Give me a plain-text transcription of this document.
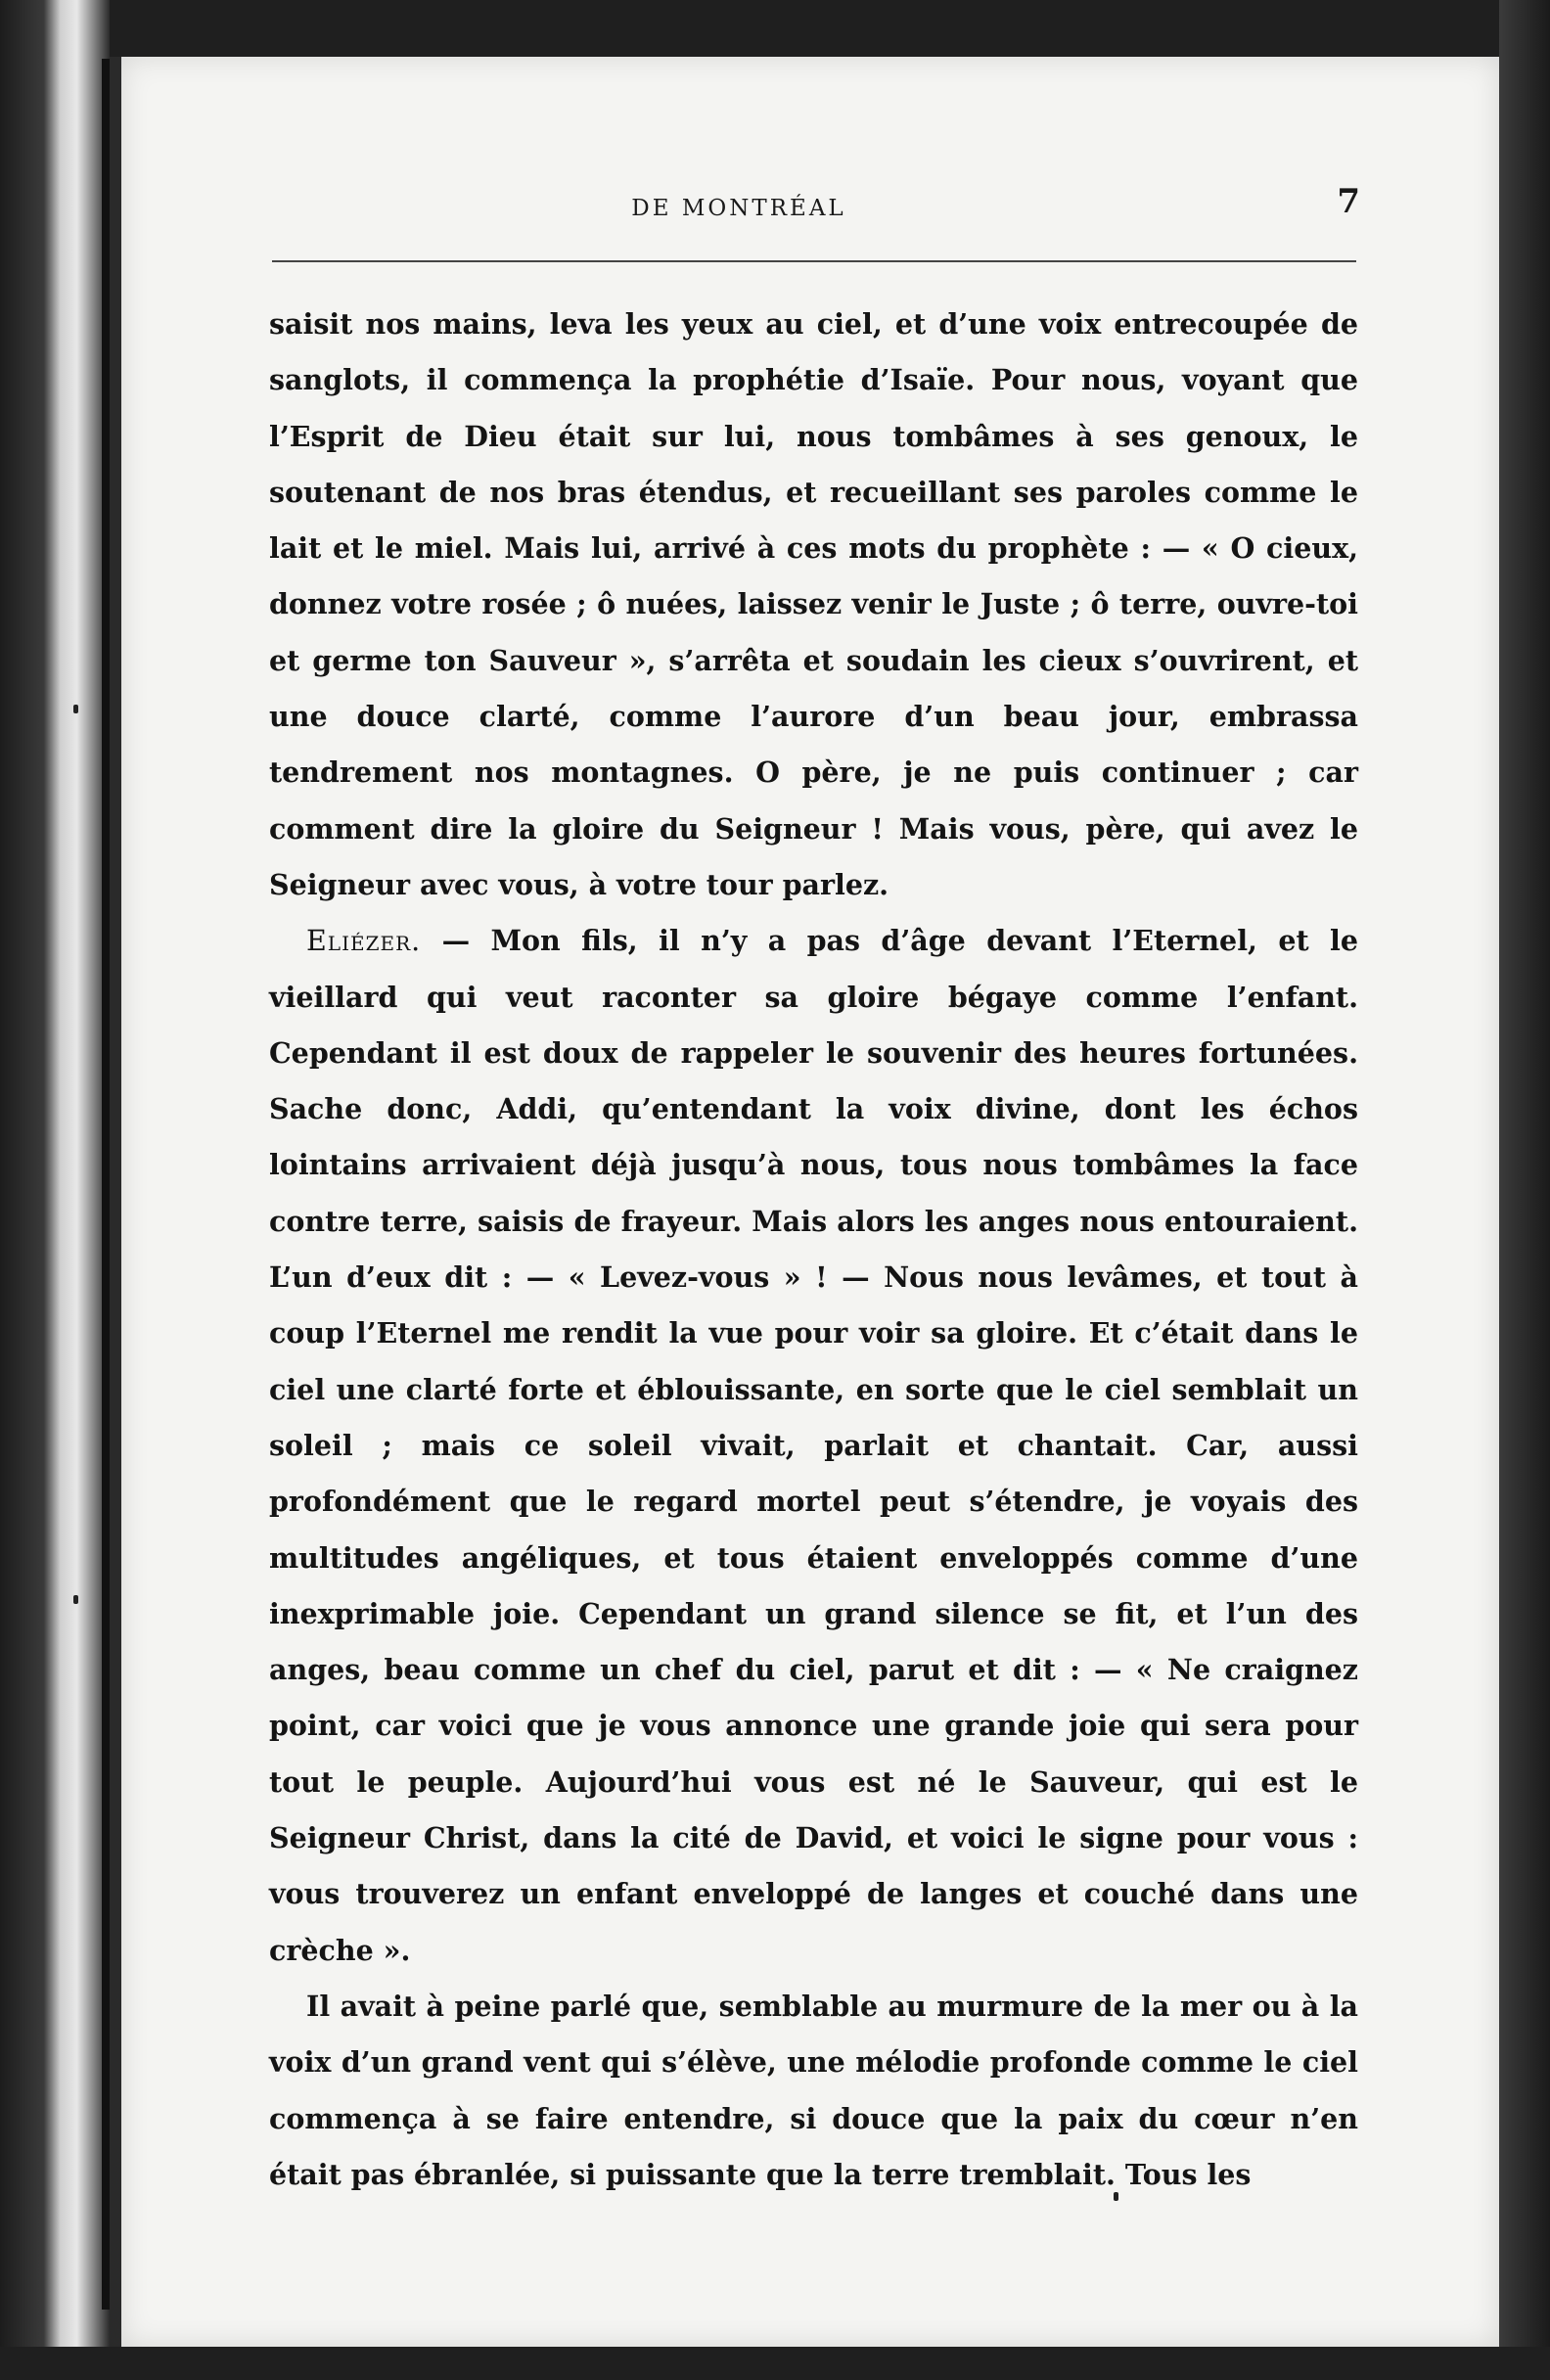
DE MONTRÉAL	7

saisit nos mains, leva les yeux au ciel, et d’une voix entrecoupée de sanglots, il commença la prophétie d’Isaïe. Pour nous, voyant que l’Esprit de Dieu était sur lui, nous tombâmes à ses genoux, le soutenant de nos bras étendus, et recueillant ses paroles comme le lait et le miel. Mais lui, arrivé à ces mots du prophète : — « O cieux, donnez votre rosée ; ô nuées, laissez venir le Juste ; ô terre, ouvre-toi et germe ton Sauveur », s’arrêta et soudain les cieux s’ouvrirent, et une douce clarté, comme l’aurore d’un beau jour, embrassa tendrement nos montagnes. O père, je ne puis continuer ; car comment dire la gloire du Seigneur ! Mais vous, père, qui avez le Seigneur avec vous, à votre tour parlez.

Eliézer. — Mon fils, il n’y a pas d’âge devant l’Eternel, et le vieillard qui veut raconter sa gloire bégaye comme l’enfant. Cependant il est doux de rappeler le souvenir des heures fortunées. Sache donc, Addi, qu’entendant la voix divine, dont les échos lointains arrivaient déjà jusqu’à nous, tous nous tombâmes la face contre terre, saisis de frayeur. Mais alors les anges nous entouraient. L’un d’eux dit : — « Levez-vous » ! — Nous nous levâmes, et tout à coup l’Eternel me rendit la vue pour voir sa gloire. Et c’était dans le ciel une clarté forte et éblouissante, en sorte que le ciel semblait un soleil ; mais ce soleil vivait, parlait et chantait. Car, aussi profondément que le regard mortel peut s’étendre, je voyais des multitudes angéliques, et tous étaient enveloppés comme d’une inexprimable joie. Cependant un grand silence se fit, et l’un des anges, beau comme un chef du ciel, parut et dit : — « Ne craignez point, car voici que je vous annonce une grande joie qui sera pour tout le peuple. Aujourd’hui vous est né le Sauveur, qui est le Seigneur Christ, dans la cité de David, et voici le signe pour vous : vous trouverez un enfant enveloppé de langes et couché dans une crèche ».

Il avait à peine parlé que, semblable au murmure de la mer ou à la voix d’un grand vent qui s’élève, une mélodie profonde comme le ciel commença à se faire entendre, si douce que la paix du cœur n’en était pas ébranlée, si puissante que la terre tremblait. Tous les
